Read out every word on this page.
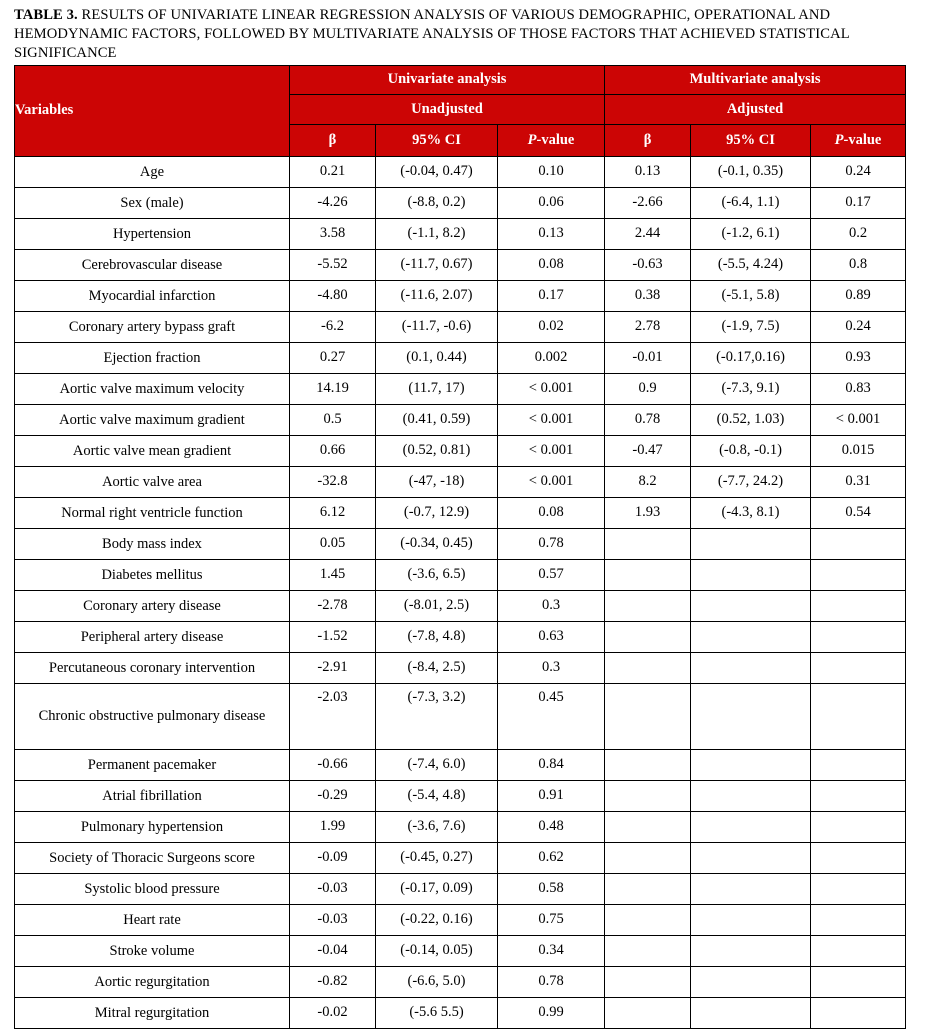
TABLE 3. RESULTS OF UNIVARIATE LINEAR REGRESSION ANALYSIS OF VARIOUS DEMOGRAPHIC, OPERATIONAL AND HEMODYNAMIC FACTORS, FOLLOWED BY MULTIVARIATE ANALYSIS OF THOSE FACTORS THAT ACHIEVED STATISTICAL SIGNIFICANCE
Variables	Univariate analysis			Multivariate analysis		
	Unadjusted			Adjusted		
	β	95% CI	P-value	β	95% CI	P-value
Age	0.21	(-0.04, 0.47)	0.10	0.13	(-0.1, 0.35)	0.24
Sex (male)	-4.26	(-8.8, 0.2)	0.06	-2.66	(-6.4, 1.1)	0.17
Hypertension	3.58	(-1.1, 8.2)	0.13	2.44	(-1.2, 6.1)	0.2
Cerebrovascular disease	-5.52	(-11.7, 0.67)	0.08	-0.63	(-5.5, 4.24)	0.8
Myocardial infarction	-4.80	(-11.6, 2.07)	0.17	0.38	(-5.1, 5.8)	0.89
Coronary artery bypass graft	-6.2	(-11.7, -0.6)	0.02	2.78	(-1.9, 7.5)	0.24
Ejection fraction	0.27	(0.1, 0.44)	0.002	-0.01	(-0.17,0.16)	0.93
Aortic valve maximum velocity	14.19	(11.7, 17)	< 0.001	0.9	(-7.3, 9.1)	0.83
Aortic valve maximum gradient	0.5	(0.41, 0.59)	< 0.001	0.78	(0.52, 1.03)	< 0.001
Aortic valve mean gradient	0.66	(0.52, 0.81)	< 0.001	-0.47	(-0.8, -0.1)	0.015
Aortic valve area	-32.8	(-47, -18)	< 0.001	8.2	(-7.7, 24.2)	0.31
Normal right ventricle function	6.12	(-0.7, 12.9)	0.08	1.93	(-4.3, 8.1)	0.54
Body mass index	0.05	(-0.34, 0.45)	0.78			
Diabetes mellitus	1.45	(-3.6, 6.5)	0.57			
Coronary artery disease	-2.78	(-8.01, 2.5)	0.3			
Peripheral artery disease	-1.52	(-7.8, 4.8)	0.63			
Percutaneous coronary intervention	-2.91	(-8.4, 2.5)	0.3			
Chronic obstructive pulmonary disease	-2.03	(-7.3, 3.2)	0.45			
Permanent pacemaker	-0.66	(-7.4, 6.0)	0.84			
Atrial fibrillation	-0.29	(-5.4, 4.8)	0.91			
Pulmonary hypertension	1.99	(-3.6, 7.6)	0.48			
Society of Thoracic Surgeons score	-0.09	(-0.45, 0.27)	0.62			
Systolic blood pressure	-0.03	(-0.17, 0.09)	0.58			
Heart rate	-0.03	(-0.22, 0.16)	0.75			
Stroke volume	-0.04	(-0.14, 0.05)	0.34			
Aortic regurgitation	-0.82	(-6.6, 5.0)	0.78			
Mitral regurgitation	-0.02	(-5.6 5.5)	0.99			
